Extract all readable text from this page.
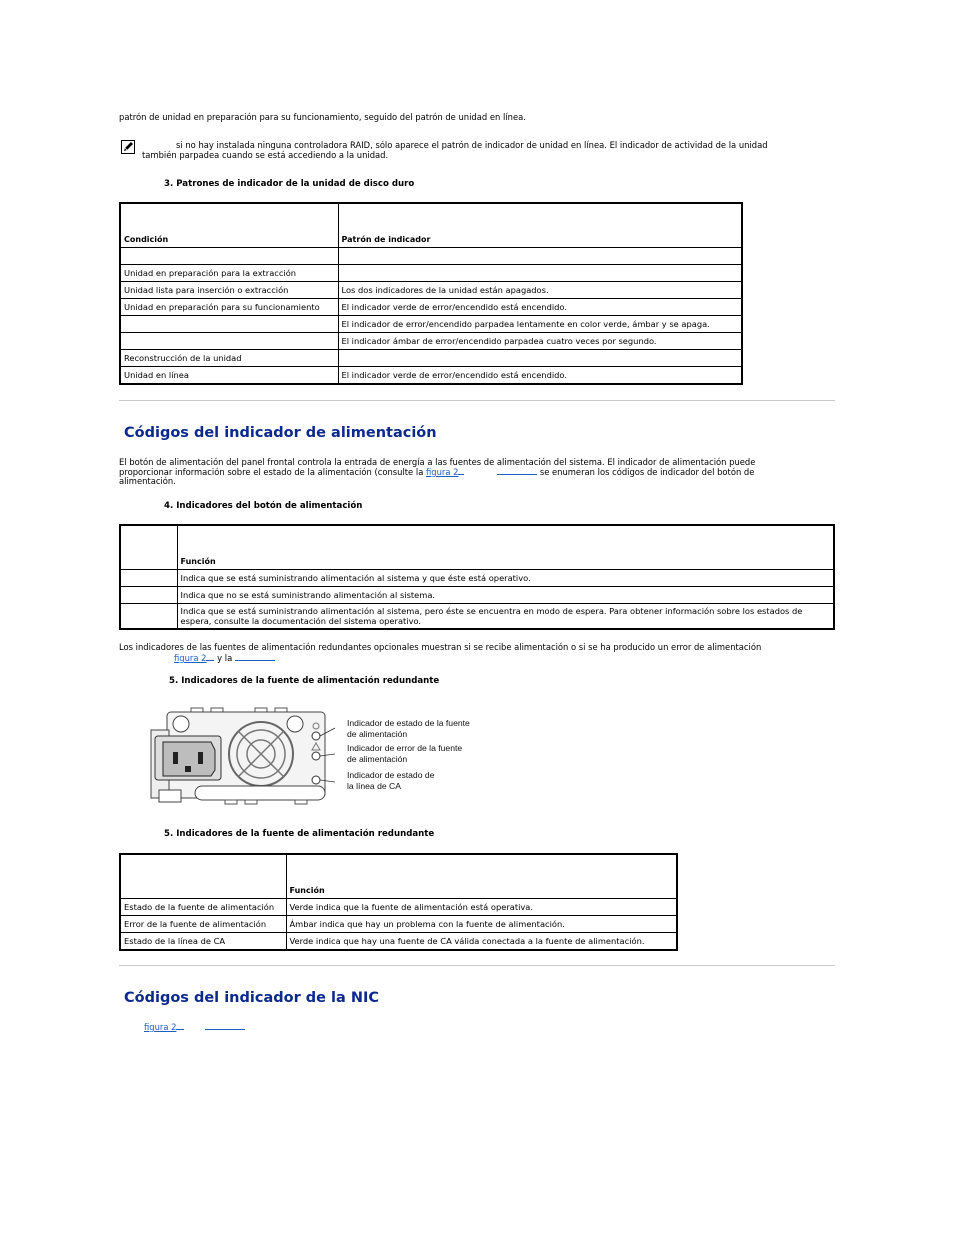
patrón de unidad en preparación para su funcionamiento, seguido del patrón de unidad en línea.

si no hay instalada ninguna controladora RAID, sólo aparece el patrón de indicador de unidad en línea. El indicador de actividad de la unidad

también parpadea cuando se está accediendo a la unidad.

3. Patrones de indicador de la unidad de disco duro
Condición	Patrón de indicador

Unidad en preparación para la extracción	
Unidad lista para inserción o extracción	Los dos indicadores de la unidad están apagados.
Unidad en preparación para su funcionamiento	El indicador verde de error/encendido está encendido.
	El indicador de error/encendido parpadea lentamente en color verde, ámbar y se apaga.
	El indicador ámbar de error/encendido parpadea cuatro veces por segundo.
Reconstrucción de la unidad	
Unidad en línea	El indicador verde de error/encendido está encendido.
Códigos del indicador de alimentación

El botón de alimentación del panel frontal controla la entrada de energía a las fuentes de alimentación del sistema. El indicador de alimentación puede

proporcionar información sobre el estado de la alimentación (consulte la figura 2	se enumeran los códigos de indicador del botón de

alimentación.

4. Indicadores del botón de alimentación
	Función
	Indica que se está suministrando alimentación al sistema y que éste está operativo.
	Indica que no se está suministrando alimentación al sistema.
	Indica que se está suministrando alimentación al sistema, pero éste se encuentra en modo de espera. Para obtener información sobre los estados de espera, consulte la documentación del sistema operativo.

Los indicadores de las fuentes de alimentación redundantes opcionales muestran si se recibe alimentación o si se ha producido un error de alimentación

figura 2 y la
5. Indicadores de la fuente de alimentación redundante
Indicador de estado de la fuente
de alimentación
Indicador de error de la fuente
de alimentación
Indicador de estado de
la línea de CA
5. Indicadores de la fuente de alimentación redundante
	Función
Estado de la fuente de alimentación	Verde indica que la fuente de alimentación está operativa.
Error de la fuente de alimentación	Ámbar indica que hay un problema con la fuente de alimentación.
Estado de la línea de CA	Verde indica que hay una fuente de CA válida conectada a la fuente de alimentación.
Códigos del indicador de la NIC
figura 2
